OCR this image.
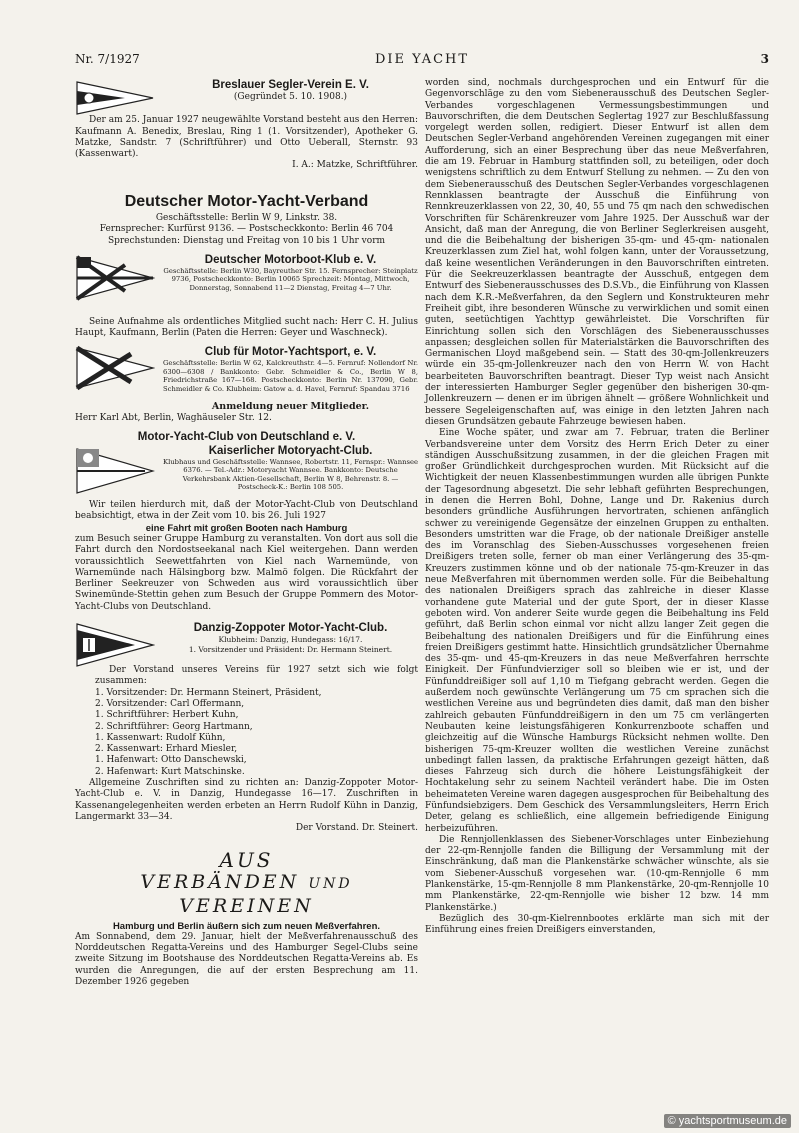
Nr. 7/1927	DIE YACHT	3
Breslauer Segler-Verein E. V.
(Gegründet 5. 10. 1908.)
Der am 25. Januar 1927 neugewählte Vorstand besteht aus den Herren: Kaufmann A. Benedix, Breslau, Ring 1 (1. Vorsitzender), Apotheker G. Matzke, Sandstr. 7 (Schriftführer) und Otto Ueberall, Sternstr. 93 (Kassenwart).
I. A.: Matzke, Schriftführer.
Deutscher Motor-Yacht-Verband
Geschäftsstelle: Berlin W 9, Linkstr. 38.
Fernsprecher: Kurfürst 9136. — Postscheckkonto: Berlin 46 704
Sprechstunden: Dienstag und Freitag von 10 bis 1 Uhr vorm
Deutscher Motorboot-Klub e. V.
Geschäftsstelle: Berlin W30, Bayreuther Str. 15. Fernsprecher: Steinplatz 9736, Postscheckkonto: Berlin 10065 Sprechzeit: Montag, Mittwoch, Donnerstag, Sonnabend 11—2 Dienstag, Freitag 4—7 Uhr.
Seine Aufnahme als ordentliches Mitglied sucht nach: Herr C. H. Julius Haupt, Kaufmann, Berlin (Paten die Herren: Geyer und Waschneck).
Club für Motor-Yachtsport, e. V.
Geschäftsstelle: Berlin W 62, Kalckreuthstr. 4—5. Fernruf: Nollendorf Nr. 6300—6308 / Bankkonto: Gebr. Schmeidler & Co., Berlin W 8, Friedrichstraße 167—168. Postscheckkonto: Berlin Nr. 137090, Gebr. Schmeidler & Co. Klubheim: Gatow a. d. Havel, Fernruf: Spandau 3716
Anmeldung neuer Mitglieder.
Herr Karl Abt, Berlin, Waghäuseler Str. 12.
Motor-Yacht-Club von Deutschland e. V.
Kaiserlicher Motoryacht-Club.
Klubhaus und Geschäftsstelle: Wannsee, Robertstr. 11, Fernspr.: Wannsee 6376. — Tel.-Adr.: Motoryacht Wannsee. Bankkonto: Deutsche Verkehrsbank Aktien-Gesellschaft, Berlin W 8, Behrenstr. 8. — Postscheck-K.: Berlin 108 505.
Wir teilen hierdurch mit, daß der Motor-Yacht-Club von Deutschland beabsichtigt, etwa in der Zeit vom 10. bis 26. Juli 1927
eine Fahrt mit großen Booten nach Hamburg
zum Besuch seiner Gruppe Hamburg zu veranstalten. Von dort aus soll die Fahrt durch den Nordostseekanal nach Kiel weitergehen. Dann werden voraussichtlich Seewettfahrten von Kiel nach Warnemünde, von Warnemünde nach Hälsingborg bzw. Malmö folgen. Die Rückfahrt der Berliner Seekreuzer von Schweden aus wird voraussichtlich über Swinemünde-Stettin gehen zum Besuch der Gruppe Pommern des Motor-Yacht-Clubs von Deutschland.
Danzig-Zoppoter Motor-Yacht-Club.
Klubheim: Danzig, Hundegass: 16/17.
1. Vorsitzender und Präsident: Dr. Hermann Steinert.
Der Vorstand unseres Vereins für 1927 setzt sich wie folgt zusammen:
1. Vorsitzender: Dr. Hermann Steinert, Präsident,
2. Vorsitzender: Carl Offermann,
1. Schriftführer: Herbert Kuhn,
2. Schriftführer: Georg Hartmann,
1. Kassenwart: Rudolf Kühn,
2. Kassenwart: Erhard Miesler,
1. Hafenwart: Otto Danschewski,
2. Hafenwart: Kurt Matschinske.
Allgemeine Zuschriften sind zu richten an: Danzig-Zoppoter Motor-Yacht-Club e. V. in Danzig, Hundegasse 16—17. Zuschriften in Kassenangelegenheiten werden erbeten an Herrn Rudolf Kühn in Danzig, Langermarkt 33—34.
Der Vorstand. Dr. Steinert.
AUS
VERBÄNDEN UND VEREINEN
Hamburg und Berlin äußern sich zum neuen Meßverfahren.
Am Sonnabend, dem 29. Januar, hielt der Meßverfahrenausschuß des Norddeutschen Regatta-Vereins und des Hamburger Segel-Clubs seine zweite Sitzung im Bootshause des Norddeutschen Regatta-Vereins ab. Es wurden die Anregungen, die auf der ersten Besprechung am 11. Dezember 1926 gegeben

worden sind, nochmals durchgesprochen und ein Entwurf für die Gegenvorschläge zu den vom Siebenerausschuß des Deutschen Segler-Verbandes vorgeschlagenen Vermessungsbestimmungen und Bauvorschriften, die dem Deutschen Seglertag 1927 zur Beschlußfassung vorgelegt werden sollen, redigiert. Dieser Entwurf ist allen dem Deutschen Segler-Verband angehörenden Vereinen zugegangen mit einer Aufforderung, sich an einer Besprechung über das neue Meßverfahren, die am 19. Februar in Hamburg stattfinden soll, zu beteiligen, oder doch wenigstens schriftlich zu dem Entwurf Stellung zu nehmen. — Zu den von dem Siebenerausschuß des Deutschen Segler-Verbandes vorgeschlagenen Rennklassen beantragte der Ausschuß die Einführung von Rennkreuzerklassen von 22, 30, 40, 55 und 75 qm nach den schwedischen Vorschriften für Schärenkreuzer vom Jahre 1925. Der Ausschuß war der Ansicht, daß man der Anregung, die von Berliner Seglerkreisen ausgeht, und die die Beibehaltung der bisherigen 35-qm- und 45-qm- nationalen Kreuzerklassen zum Ziel hat, wohl folgen kann, unter der Voraussetzung, daß keine wesentlichen Veränderungen in den Bauvorschriften eintreten. Für die Seekreuzerklassen beantragte der Ausschuß, entgegen dem Entwurf des Siebenerausschusses des D.S.Vb., die Einführung von Klassen nach dem K.R.-Meßverfahren, da den Seglern und Konstrukteuren mehr Freiheit gibt, ihre besonderen Wünsche zu verwirklichen und somit einen guten, seetüchtigen Yachttyp gewährleistet. Die Vorschriften für Einrichtung sollen sich den Vorschlägen des Siebenerausschusses anpassen; desgleichen sollen für Materialstärken die Bauvorschriften des Germanischen Lloyd maßgebend sein. — Statt des 30-qm-Jollenkreuzers würde ein 35-qm-Jollenkreuzer nach den von Herrn W. von Hacht bearbeiteten Bauvorschriften beantragt. Dieser Typ weist nach Ansicht der interessierten Hamburger Segler gegenüber den bisherigen 30-qm-Jollenkreuzern — denen er im übrigen ähnelt — größere Wohnlichkeit und bessere Segeleigenschaften auf, was einige in den letzten Jahren nach diesen Grundsätzen gebaute Fahrzeuge bewiesen haben.

Eine Woche später, und zwar am 7. Februar, traten die Berliner Verbandsvereine unter dem Vorsitz des Herrn Erich Deter zu einer ständigen Ausschußsitzung zusammen, in der die gleichen Fragen mit großer Gründlichkeit durchgesprochen wurden. Mit Rücksicht auf die Wichtigkeit der neuen Klassenbestimmungen wurden alle übrigen Punkte der Tagesordnung abgesetzt. Die sehr lebhaft geführten Besprechungen, in denen die Herren Bohl, Dohne, Lange und Dr. Rakenius durch besonders gründliche Ausführungen hervortraten, schienen anfänglich schwer zu vereinigende Gegensätze der einzelnen Gruppen zu enthalten. Besonders umstritten war die Frage, ob der nationale Dreißiger anstelle des im Voranschlag des Sieben-Ausschusses vorgesehenen freien Dreißigers treten solle, ferner ob man einer Verlängerung des 35-qm-Kreuzers zustimmen könne und ob der nationale 75-qm-Kreuzer in das neue Meßverfahren mit übernommen werden solle. Für die Beibehaltung des nationalen Dreißigers sprach das zahlreiche in dieser Klasse vorhandene gute Material und der gute Sport, der in dieser Klasse geboten wird. Von anderer Seite wurde gegen die Beibehaltung ins Feld geführt, daß Berlin schon einmal vor nicht allzu langer Zeit gegen die Beibehaltung des nationalen Dreißigers und für die Einführung eines freien Dreißigers gestimmt hatte. Hinsichtlich grundsätzlicher Übernahme des 35-qm- und 45-qm-Kreuzers in das neue Meßverfahren herrschte Einigkeit. Der Fünfundvierziger soll so bleiben wie er ist, und der Fünfunddreißiger soll auf 1,10 m Tiefgang gebracht werden. Gegen die außerdem noch gewünschte Verlängerung um 75 cm sprachen sich die westlichen Vereine aus und begründeten dies damit, daß man den bisher zahlreich gebauten Fünfunddreißigern in den um 75 cm verlängerten Neubauten keine leistungsfähigeren Konkurrenzboote schaffen und gleichzeitig auf die Wünsche Hamburgs Rücksicht nehmen wollte. Den bisherigen 75-qm-Kreuzer wollten die westlichen Vereine zunächst unbedingt fallen lassen, da praktische Erfahrungen gezeigt hätten, daß dieses Fahrzeug sich durch die höhere Leistungsfähigkeit der Hochtakelung sehr zu seinem Nachteil verändert habe. Die im Osten beheimateten Vereine waren dagegen ausgesprochen für Beibehaltung des Fünfundsiebzigers. Dem Geschick des Versammlungsleiters, Herrn Erich Deter, gelang es schließlich, eine allgemein befriedigende Einigung herbeizuführen.

Die Rennjollenklassen des Siebener-Vorschlages unter Einbeziehung der 22-qm-Rennjolle fanden die Billigung der Versammlung mit der Einschränkung, daß man die Plankenstärke schwächer wünschte, als sie vom Siebener-Ausschuß vorgesehen war. (10-qm-Rennjolle 6 mm Plankenstärke, 15-qm-Rennjolle 8 mm Plankenstärke, 20-qm-Rennjolle 10 mm Plankenstärke, 22-qm-Rennjolle wie bisher 12 bzw. 14 mm Plankenstärke.)

Bezüglich des 30-qm-Kielrennbootes erklärte man sich mit der Einführung eines freien Dreißigers einverstanden,

© yachtsportmuseum.de
